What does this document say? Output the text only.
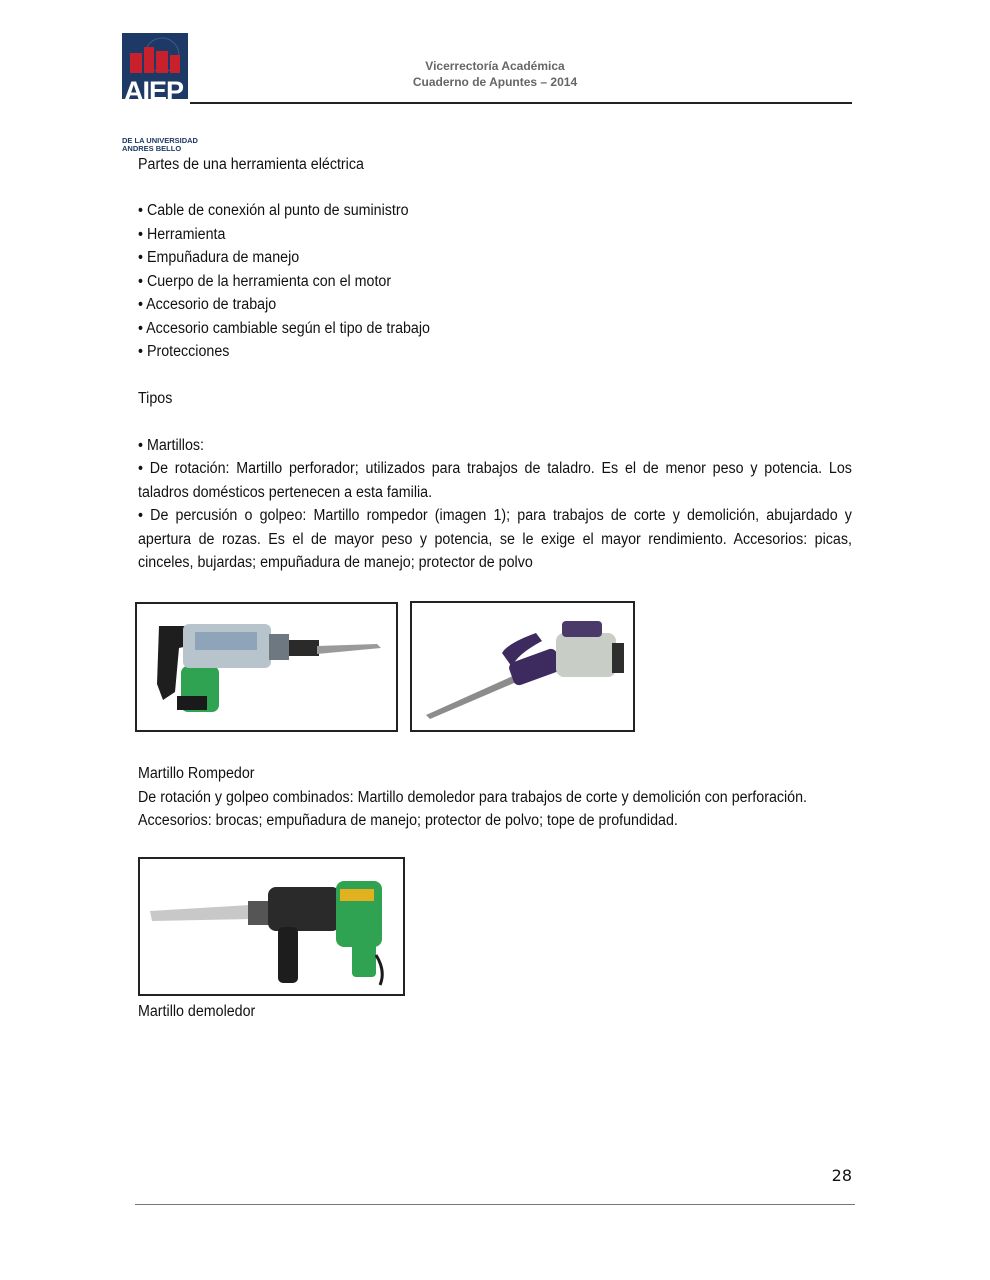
AIEP
DE LA UNIVERSIDAD
ANDRES BELLO
Vicerrectoría Académica
Cuaderno de Apuntes – 2014
Partes de una herramienta eléctrica
• Cable de conexión al punto de suministro
• Herramienta
• Empuñadura de manejo
• Cuerpo de la herramienta con el motor
• Accesorio de trabajo
• Accesorio cambiable según el tipo de trabajo
• Protecciones
Tipos
• Martillos:
• De rotación: Martillo perforador; utilizados para trabajos de taladro. Es el de menor peso y potencia. Los
taladros domésticos pertenecen a esta familia.
• De percusión o golpeo: Martillo rompedor (imagen 1); para trabajos de corte y demolición, abujardado y
apertura de rozas. Es el de mayor peso y potencia, se le exige el mayor rendimiento. Accesorios: picas,
cinceles, bujardas; empuñadura de manejo; protector de polvo
Martillo Rompedor
De rotación y golpeo combinados: Martillo demoledor para trabajos de corte y demolición con perforación.
Accesorios: brocas; empuñadura de manejo; protector de polvo; tope de profundidad.
Martillo demoledor
28
